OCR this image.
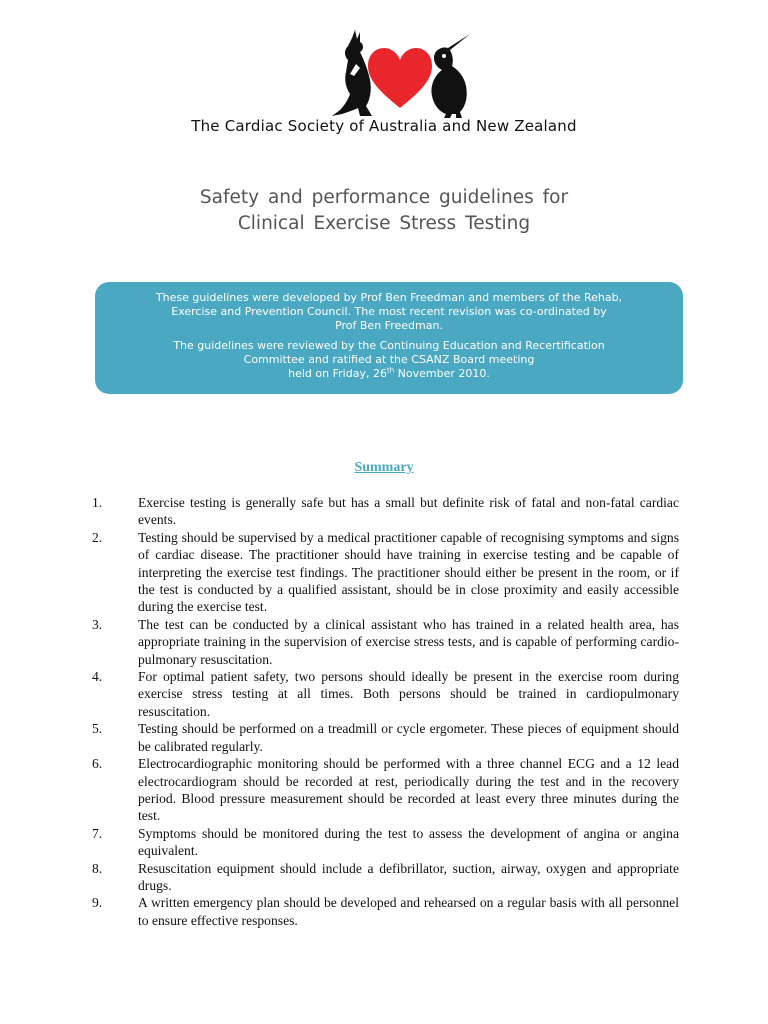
The Cardiac Society of Australia and New Zealand
Safety and performance guidelines for
Clinical Exercise Stress Testing

These guidelines were developed by Prof Ben Freedman and members of the Rehab,
Exercise and Prevention Council. The most recent revision was co-ordinated by
Prof Ben Freedman.

The guidelines were reviewed by the Continuing Education and Recertification
Committee and ratified at the CSANZ Board meeting
held on Friday, 26th November 2010.

Summary
1.	Exercise testing is generally safe but has a small but definite risk of fatal and non-fatal cardiac events.
2.	Testing should be supervised by a medical practitioner capable of recognising symptoms and signs of cardiac disease. The practitioner should have training in exercise testing and be capable of interpreting the exercise test findings. The practitioner should either be present in the room, or if the test is conducted by a qualified assistant, should be in close proximity and easily accessible during the exercise test.
3.	The test can be conducted by a clinical assistant who has trained in a related health area, has appropriate training in the supervision of exercise stress tests, and is capable of performing cardio-pulmonary resuscitation.
4.	For optimal patient safety, two persons should ideally be present in the exercise room during exercise stress testing at all times. Both persons should be trained in cardiopulmonary resuscitation.
5.	Testing should be performed on a treadmill or cycle ergometer. These pieces of equipment should be calibrated regularly.
6.	Electrocardiographic monitoring should be performed with a three channel ECG and a 12 lead electrocardiogram should be recorded at rest, periodically during the test and in the recovery period. Blood pressure measurement should be recorded at least every three minutes during the test.
7.	Symptoms should be monitored during the test to assess the development of angina or angina equivalent.
8.	Resuscitation equipment should include a defibrillator, suction, airway, oxygen and appropriate drugs.
9.	A written emergency plan should be developed and rehearsed on a regular basis with all personnel to ensure effective responses.
